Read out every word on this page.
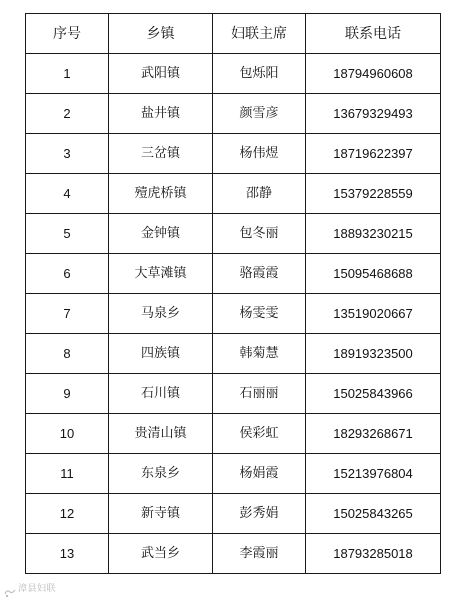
序号	乡镇	妇联主席	联系电话
1	武阳镇	包烁阳	18794960608
2	盐井镇	颜雪彦	13679329493
3	三岔镇	杨伟煜	18719622397
4	殪虎桥镇	邵静	15379228559
5	金钟镇	包冬丽	18893230215
6	大草滩镇	骆霞霞	15095468688
7	马泉乡	杨雯雯	13519020667
8	四族镇	韩菊慧	18919323500
9	石川镇	石丽丽	15025843966
10	贵清山镇	侯彩虹	18293268671
11	东泉乡	杨娟霞	15213976804
12	新寺镇	彭秀娟	15025843265
13	武当乡	李霞丽	18793285018
漳县妇联
